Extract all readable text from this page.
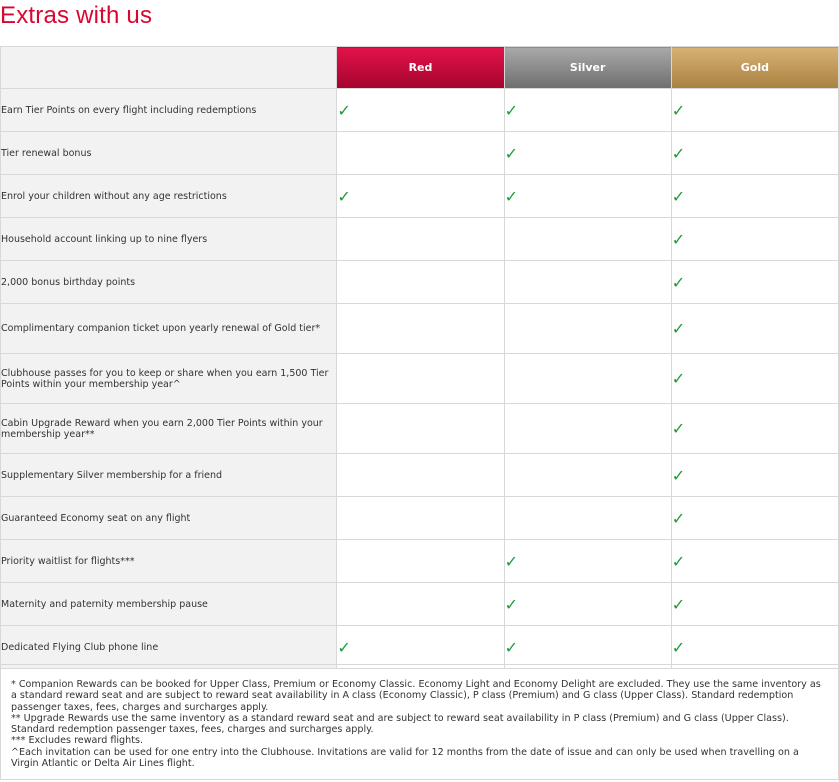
Extras with us
	Red	Silver	Gold
Earn Tier Points on every flight including redemptions	✓	✓	✓
Tier renewal bonus		✓	✓
Enrol your children without any age restrictions	✓	✓	✓
Household account linking up to nine flyers			✓
2,000 bonus birthday points			✓
Complimentary companion ticket upon yearly renewal of Gold tier*			✓
Clubhouse passes for you to keep or share when you earn 1,500 Tier Points within your membership year^			✓
Cabin Upgrade Reward when you earn 2,000 Tier Points within your membership year**			✓
Supplementary Silver membership for a friend			✓
Guaranteed Economy seat on any flight			✓
Priority waitlist for flights***		✓	✓
Maternity and paternity membership pause		✓	✓
Dedicated Flying Club phone line	✓	✓	✓

* Companion Rewards can be booked for Upper Class, Premium or Economy Classic. Economy Light and Economy Delight are excluded. They use the same inventory as a standard reward seat and are subject to reward seat availability in A class (Economy Classic), P class (Premium) and G class (Upper Class). Standard redemption passenger taxes, fees, charges and surcharges apply.

** Upgrade Rewards use the same inventory as a standard reward seat and are subject to reward seat availability in P class (Premium) and G class (Upper Class). Standard redemption passenger taxes, fees, charges and surcharges apply.

*** Excludes reward flights.

^Each invitation can be used for one entry into the Clubhouse. Invitations are valid for 12 months from the date of issue and can only be used when travelling on a Virgin Atlantic or Delta Air Lines flight.
